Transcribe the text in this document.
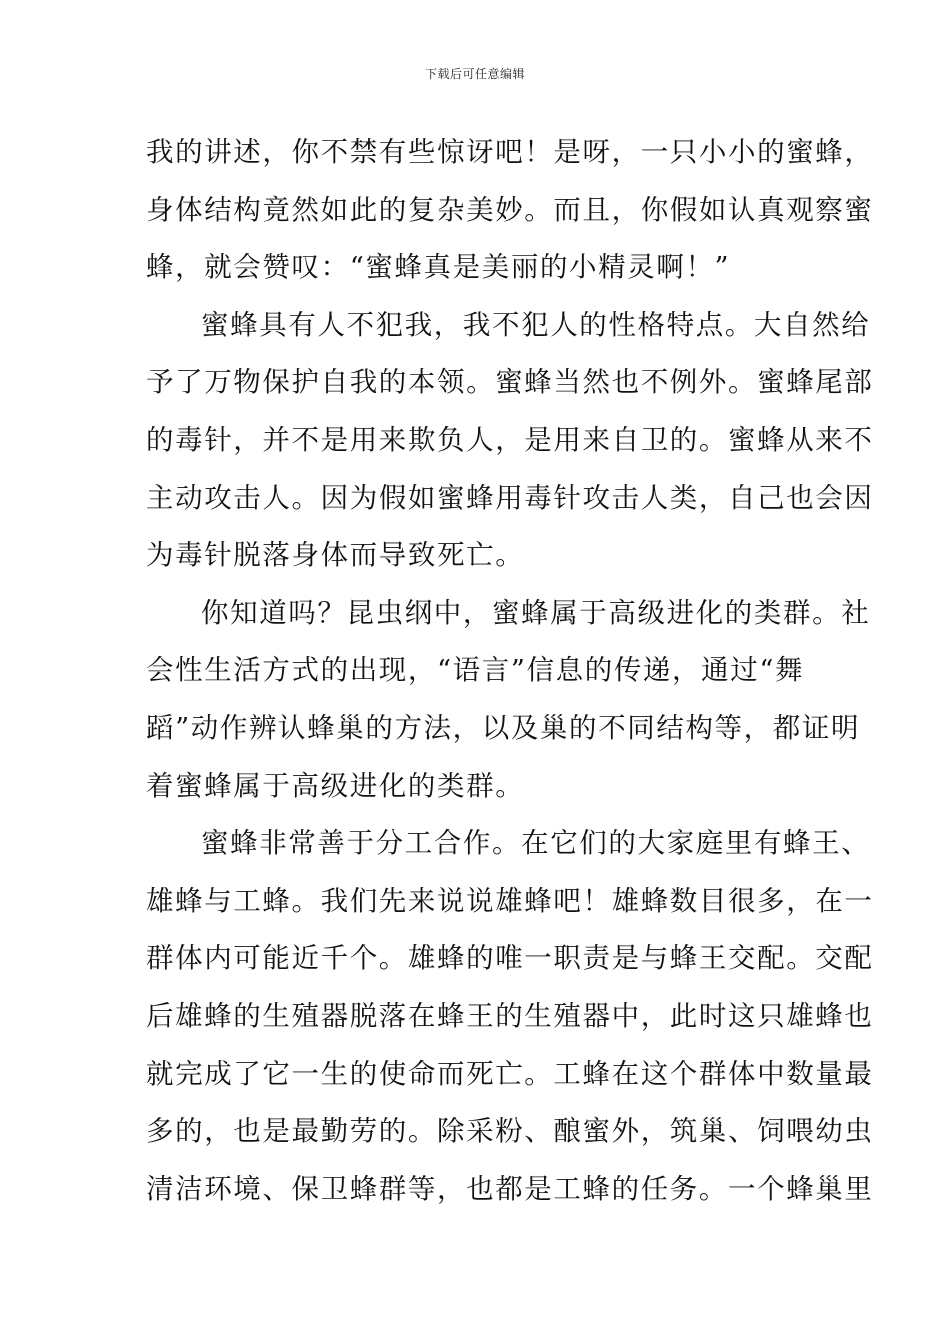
下载后可任意编辑
我的讲述，你不禁有些惊讶吧！是呀，一只小小的蜜蜂，
身体结构竟然如此的复杂美妙。而且，你假如认真观察蜜
蜂，就会赞叹：“蜜蜂真是美丽的小精灵啊！”
蜜蜂具有人不犯我，我不犯人的性格特点。大自然给
予了万物保护自我的本领。蜜蜂当然也不例外。蜜蜂尾部
的毒针，并不是用来欺负人，是用来自卫的。蜜蜂从来不
主动攻击人。因为假如蜜蜂用毒针攻击人类，自己也会因
为毒针脱落身体而导致死亡。
你知道吗？昆虫纲中，蜜蜂属于高级进化的类群。社
会性生活方式的出现，“语言”信息的传递，通过“舞
蹈”动作辨认蜂巢的方法，以及巢的不同结构等，都证明
着蜜蜂属于高级进化的类群。
蜜蜂非常善于分工合作。在它们的大家庭里有蜂王、
雄蜂与工蜂。我们先来说说雄蜂吧！雄蜂数目很多，在一
群体内可能近千个。雄蜂的唯一职责是与蜂王交配。交配
后雄蜂的生殖器脱落在蜂王的生殖器中，此时这只雄蜂也
就完成了它一生的使命而死亡。工蜂在这个群体中数量最
多的，也是最勤劳的。除采粉、酿蜜外，筑巢、饲喂幼虫
清洁环境、保卫蜂群等，也都是工蜂的任务。一个蜂巢里
